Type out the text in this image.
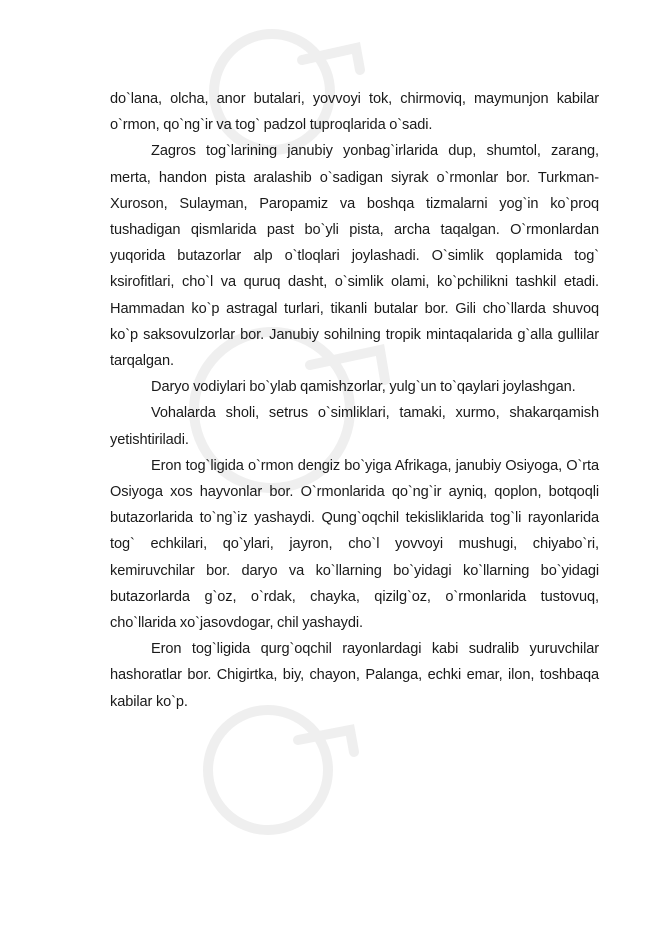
do`lana, olcha, anor butalari, yovvoyi tok, chirmoviq, maymunjon kabilar o`rmon, qo`ng`ir va tog` padzol tuproqlarida o`sadi.

Zagros tog`larining janubiy yonbag`irlarida dup, shumtol, zarang, merta, handon pista aralashib o`sadigan siyrak o`rmonlar bor. Turkman-Xuroson, Sulayman, Paropamiz va boshqa tizmalarni yog`in ko`proq tushadigan qismlarida past bo`yli pista, archa taqalgan. O`rmonlardan yuqorida butazorlar alp o`tloqlari joylashadi. O`simlik qoplamida tog` ksirofitlari, cho`l va quruq dasht, o`simlik olami, ko`pchilikni tashkil etadi. Hammadan ko`p astragal turlari, tikanli butalar bor. Gili cho`llarda shuvoq ko`p saksovulzorlar bor. Janubiy sohilning tropik mintaqalarida g`alla gullilar tarqalgan.

Daryo vodiylari bo`ylab qamishzorlar, yulg`un to`qaylari joylashgan.

Vohalarda sholi, setrus o`simliklari, tamaki, xurmo, shakarqamish yetishtiriladi.

Eron tog`ligida o`rmon dengiz bo`yiga Afrikaga, janubiy Osiyoga, O`rta Osiyoga xos hayvonlar bor. O`rmonlarida qo`ng`ir ayniq, qoplon, botqoqli butazorlarida to`ng`iz yashaydi. Qung`oqchil tekisliklarida tog`li rayonlarida tog` echkilari, qo`ylari, jayron, cho`l yovvoyi mushugi, chiyabo`ri, kemiruvchilar bor. daryo va ko`llarning bo`yidagi ko`llarning bo`yidagi butazorlarda g`oz, o`rdak, chayka, qizilg`oz, o`rmonlarida tustovuq, cho`llarida xo`jasovdogar, chil yashaydi.

Eron tog`ligida qurg`oqchil rayonlardagi kabi sudralib yuruvchilar hashoratlar bor. Chigirtka, biy, chayon, Palanga, echki emar, ilon, toshbaqa kabilar ko`p.
